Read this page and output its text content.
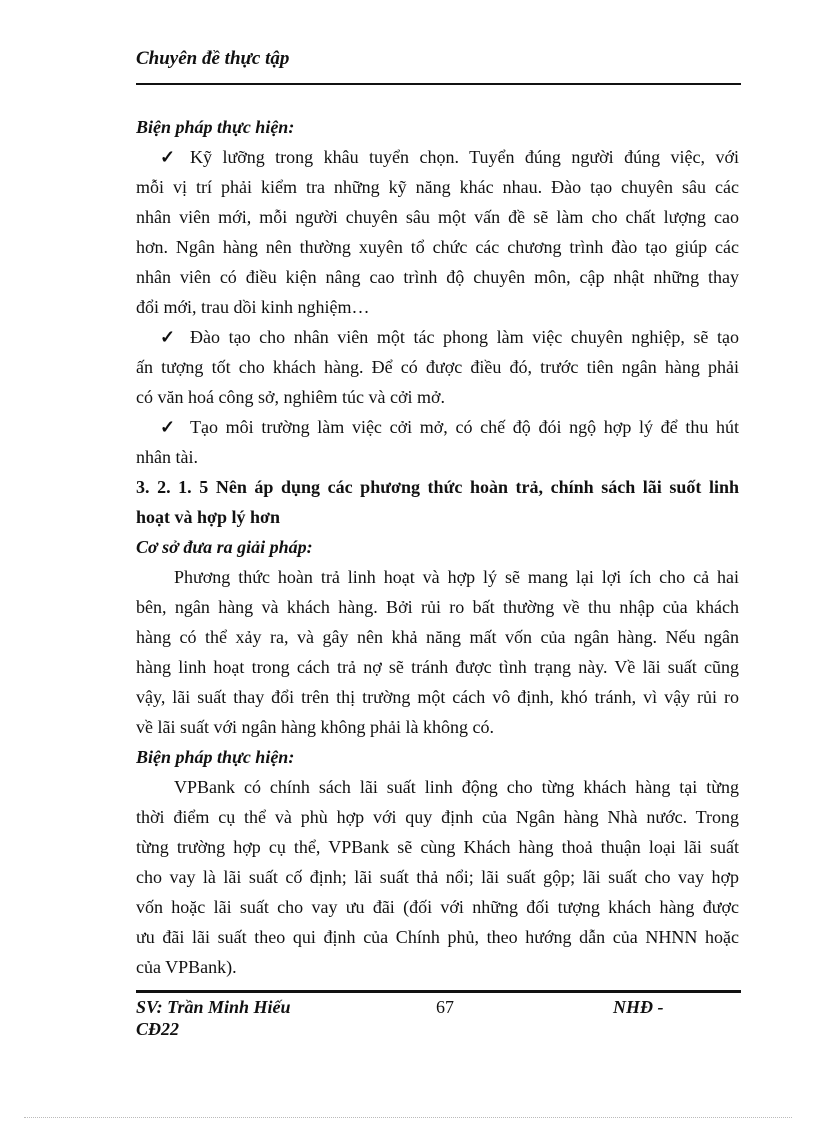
Chuyên đề thực tập
Biện pháp thực hiện:
✓ Kỹ lưỡng trong khâu tuyển chọn. Tuyển đúng người đúng việc, với
mỗi vị trí phải kiểm tra những kỹ năng khác nhau. Đào tạo chuyên sâu các
nhân viên mới, mỗi người chuyên sâu một vấn đề sẽ làm cho chất lượng cao
hơn. Ngân hàng nên thường xuyên tổ chức các chương trình đào tạo giúp các
nhân viên có điều kiện nâng cao trình độ chuyên môn, cập nhật những thay
đổi mới, trau dồi kinh nghiệm…
✓ Đào tạo cho nhân viên một tác phong làm việc chuyên nghiệp, sẽ tạo
ấn tượng tốt cho khách hàng. Để có được điều đó, trước tiên ngân hàng phải
có văn hoá công sở, nghiêm túc và cởi mở.
✓ Tạo môi trường làm việc cởi mở, có chế độ đói ngộ hợp lý để thu hút
nhân tài.
3. 2. 1. 5 Nên áp dụng các phương thức hoàn trả, chính sách lãi suốt linh
hoạt và hợp lý hơn
Cơ sở đưa ra giải pháp:
Phương thức hoàn trả linh hoạt và hợp lý sẽ mang lại lợi ích cho cả hai
bên, ngân hàng và khách hàng. Bởi rủi ro bất thường về thu nhập của khách
hàng có thể xảy ra, và gây nên khả năng mất vốn của ngân hàng. Nếu ngân
hàng linh hoạt trong cách trả nợ sẽ tránh được tình trạng này. Về lãi suất cũng
vậy, lãi suất thay đổi trên thị trường một cách vô định, khó tránh, vì vậy rủi ro
về lãi suất với ngân hàng không phải là không có.
Biện pháp thực hiện:
VPBank có chính sách lãi suất linh động cho từng khách hàng tại từng
thời điểm cụ thể và phù hợp với quy định của Ngân hàng Nhà nước. Trong
từng trường hợp cụ thể, VPBank sẽ cùng Khách hàng thoả thuận loại lãi suất
cho vay là lãi suất cố định; lãi suất thả nổi; lãi suất gộp; lãi suất cho vay hợp
vốn hoặc lãi suất cho vay ưu đãi (đối với những đối tượng khách hàng được
ưu đãi lãi suất theo qui định của Chính phủ, theo hướng dẫn của NHNN hoặc
của VPBank).
SV: Trần Minh Hiếu
CĐ22
67	NHĐ -
